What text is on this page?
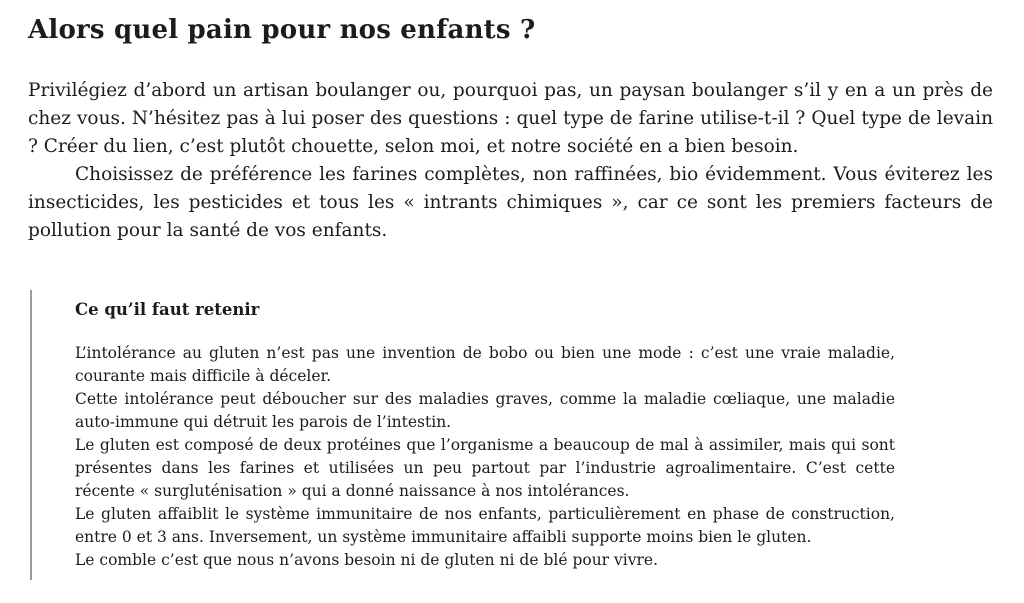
Alors quel pain pour nos enfants ?

Privilégiez d’abord un artisan boulanger ou, pourquoi pas, un paysan boulanger s’il y en a un près de chez vous. N’hésitez pas à lui poser des questions : quel type de farine utilise-t-il ? Quel type de levain ? Créer du lien, c’est plutôt chouette, selon moi, et notre société en a bien besoin.

Choisissez de préférence les farines complètes, non raffinées, bio évidemment. Vous éviterez les insecticides, les pesticides et tous les « intrants chimiques », car ce sont les premiers facteurs de pollution pour la santé de vos enfants.

Ce qu’il faut retenir

L’intolérance au gluten n’est pas une invention de bobo ou bien une mode : c’est une vraie maladie, courante mais difficile à déceler.

Cette intolérance peut déboucher sur des maladies graves, comme la maladie cœliaque, une maladie auto-immune qui détruit les parois de l’intestin.

Le gluten est composé de deux protéines que l’organisme a beaucoup de mal à assimiler, mais qui sont présentes dans les farines et utilisées un peu partout par l’industrie agroalimentaire. C’est cette récente « surgluténisation » qui a donné naissance à nos intolérances.

Le gluten affaiblit le système immunitaire de nos enfants, particulièrement en phase de construction, entre 0 et 3 ans. Inversement, un système immunitaire affaibli supporte moins bien le gluten.

Le comble c’est que nous n’avons besoin ni de gluten ni de blé pour vivre.
